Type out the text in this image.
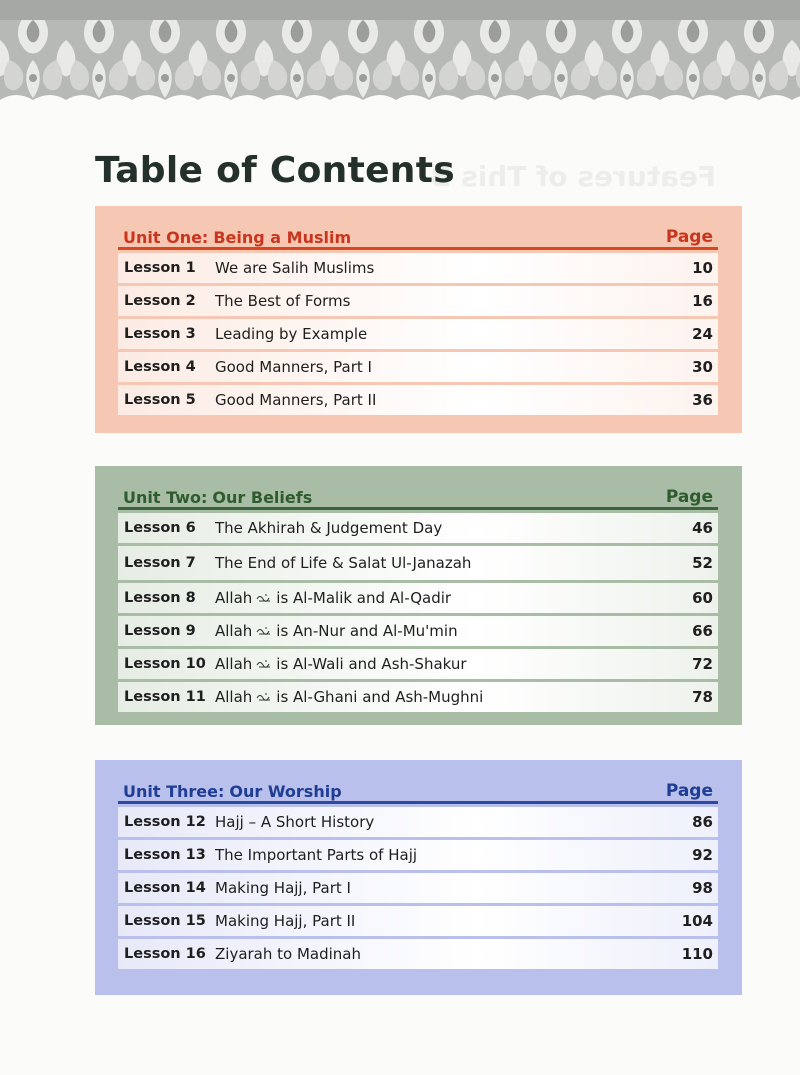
Features of This B
Table of Contents
Unit One: Being a Muslim	Page
Lesson 1	We are Salih Muslims	10
Lesson 2	The Best of Forms	16
Lesson 3	Leading by Example	24
Lesson 4	Good Manners, Part I	30
Lesson 5	Good Manners, Part II	36
Unit Two: Our Beliefs	Page
Lesson 6	The Akhirah & Judgement Day	46
Lesson 7	The End of Life & Salat Ul-Janazah	52
Lesson 8	Allah is Al-Malik and Al-Qadir	60
Lesson 9	Allah is An-Nur and Al-Mu'min	66
Lesson 10 Allah is Al-Wali and Ash-Shakur	72
Lesson 11 Allah is Al-Ghani and Ash-Mughni	78
Unit Three: Our Worship	Page
Lesson 12 Hajj – A Short History	86
Lesson 13 The Important Parts of Hajj	92
Lesson 14 Making Hajj, Part I	98
Lesson 15 Making Hajj, Part II	104
Lesson 16 Ziyarah to Madinah	110
